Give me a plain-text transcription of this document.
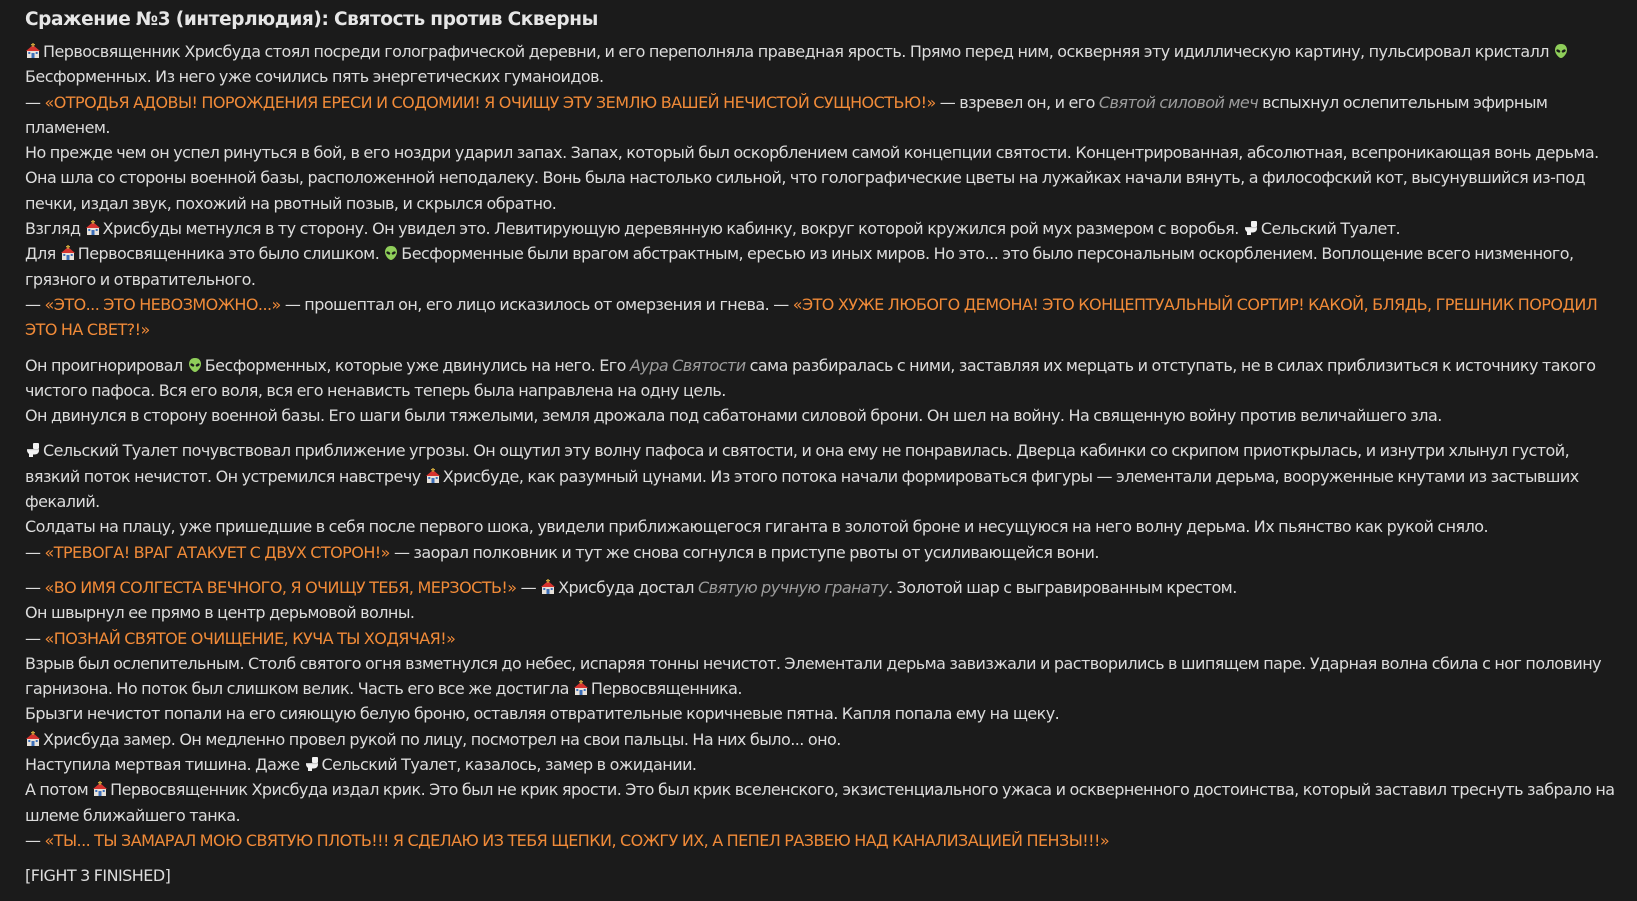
Сражение №3 (интерлюдия): Святость против Скверны

Первосвященник Хрисбуда стоял посреди голографической деревни, и его переполняла праведная ярость. Прямо перед ним, оскверняя эту идиллическую картину, пульсировал кристалл Бесформенных. Из него уже сочились пять энергетических гуманоидов.
— «ОТРОДЬЯ АДОВЫ! ПОРОЖДЕНИЯ ЕРЕСИ И СОДОМИИ! Я ОЧИЩУ ЭТУ ЗЕМЛЮ ВАШЕЙ НЕЧИСТОЙ СУЩНОСТЬЮ!» — взревел он, и его Святой силовой меч вспыхнул ослепительным эфирным пламенем.
Но прежде чем он успел ринуться в бой, в его ноздри ударил запах. Запах, который был оскорблением самой концепции святости. Концентрированная, абсолютная, всепроникающая вонь дерьма. Она шла со стороны военной базы, расположенной неподалеку. Вонь была настолько сильной, что голографические цветы на лужайках начали вянуть, а философский кот, высунувшийся из-под печки, издал звук, похожий на рвотный позыв, и скрылся обратно.
Взгляд Хрисбуды метнулся в ту сторону. Он увидел это. Левитирующую деревянную кабинку, вокруг которой кружился рой мух размером с воробья. Сельский Туалет.
Для Первосвященника это было слишком. Бесформенные были врагом абстрактным, ересью из иных миров. Но это... это было персональным оскорблением. Воплощение всего низменного, грязного и отвратительного.
— «ЭТО... ЭТО НЕВОЗМОЖНО...» — прошептал он, его лицо исказилось от омерзения и гнева. — «ЭТО ХУЖЕ ЛЮБОГО ДЕМОНА! ЭТО КОНЦЕПТУАЛЬНЫЙ СОРТИР! КАКОЙ, БЛЯДЬ, ГРЕШНИК ПОРОДИЛ ЭТО НА СВЕТ?!»

Он проигнорировал Бесформенных, которые уже двинулись на него. Его Аура Святости сама разбиралась с ними, заставляя их мерцать и отступать, не в силах приблизиться к источнику такого чистого пафоса. Вся его воля, вся его ненависть теперь была направлена на одну цель.
Он двинулся в сторону военной базы. Его шаги были тяжелыми, земля дрожала под сабатонами силовой брони. Он шел на войну. На священную войну против величайшего зла.

Сельский Туалет почувствовал приближение угрозы. Он ощутил эту волну пафоса и святости, и она ему не понравилась. Дверца кабинки со скрипом приоткрылась, и изнутри хлынул густой, вязкий поток нечистот. Он устремился навстречу Хрисбуде, как разумный цунами. Из этого потока начали формироваться фигуры — элементали дерьма, вооруженные кнутами из застывших фекалий.
Солдаты на плацу, уже пришедшие в себя после первого шока, увидели приближающегося гиганта в золотой броне и несущуюся на него волну дерьма. Их пьянство как рукой сняло.
— «ТРЕВОГА! ВРАГ АТАКУЕТ С ДВУХ СТОРОН!» — заорал полковник и тут же снова согнулся в приступе рвоты от усиливающейся вони.

— «ВО ИМЯ СОЛГЕСТА ВЕЧНОГО, Я ОЧИЩУ ТЕБЯ, МЕРЗОСТЬ!» — Хрисбуда достал Святую ручную гранату. Золотой шар с выгравированным крестом.
Он швырнул ее прямо в центр дерьмовой волны.
— «ПОЗНАЙ СВЯТОЕ ОЧИЩЕНИЕ, КУЧА ТЫ ХОДЯЧАЯ!»
Взрыв был ослепительным. Столб святого огня взметнулся до небес, испаряя тонны нечистот. Элементали дерьма завизжали и растворились в шипящем паре. Ударная волна сбила с ног половину гарнизона. Но поток был слишком велик. Часть его все же достигла Первосвященника.
Брызги нечистот попали на его сияющую белую броню, оставляя отвратительные коричневые пятна. Капля попала ему на щеку.
Хрисбуда замер. Он медленно провел рукой по лицу, посмотрел на свои пальцы. На них было... оно.
Наступила мертвая тишина. Даже Сельский Туалет, казалось, замер в ожидании.
А потом Первосвященник Хрисбуда издал крик. Это был не крик ярости. Это был крик вселенского, экзистенциального ужаса и оскверненного достоинства, который заставил треснуть забрало на шлеме ближайшего танка.
— «ТЫ... ТЫ ЗАМАРАЛ МОЮ СВЯТУЮ ПЛОТЬ!!! Я СДЕЛАЮ ИЗ ТЕБЯ ЩЕПКИ, СОЖГУ ИХ, А ПЕПЕЛ РАЗВЕЮ НАД КАНАЛИЗАЦИЕЙ ПЕНЗЫ!!!»

[FIGHT 3 FINISHED]
